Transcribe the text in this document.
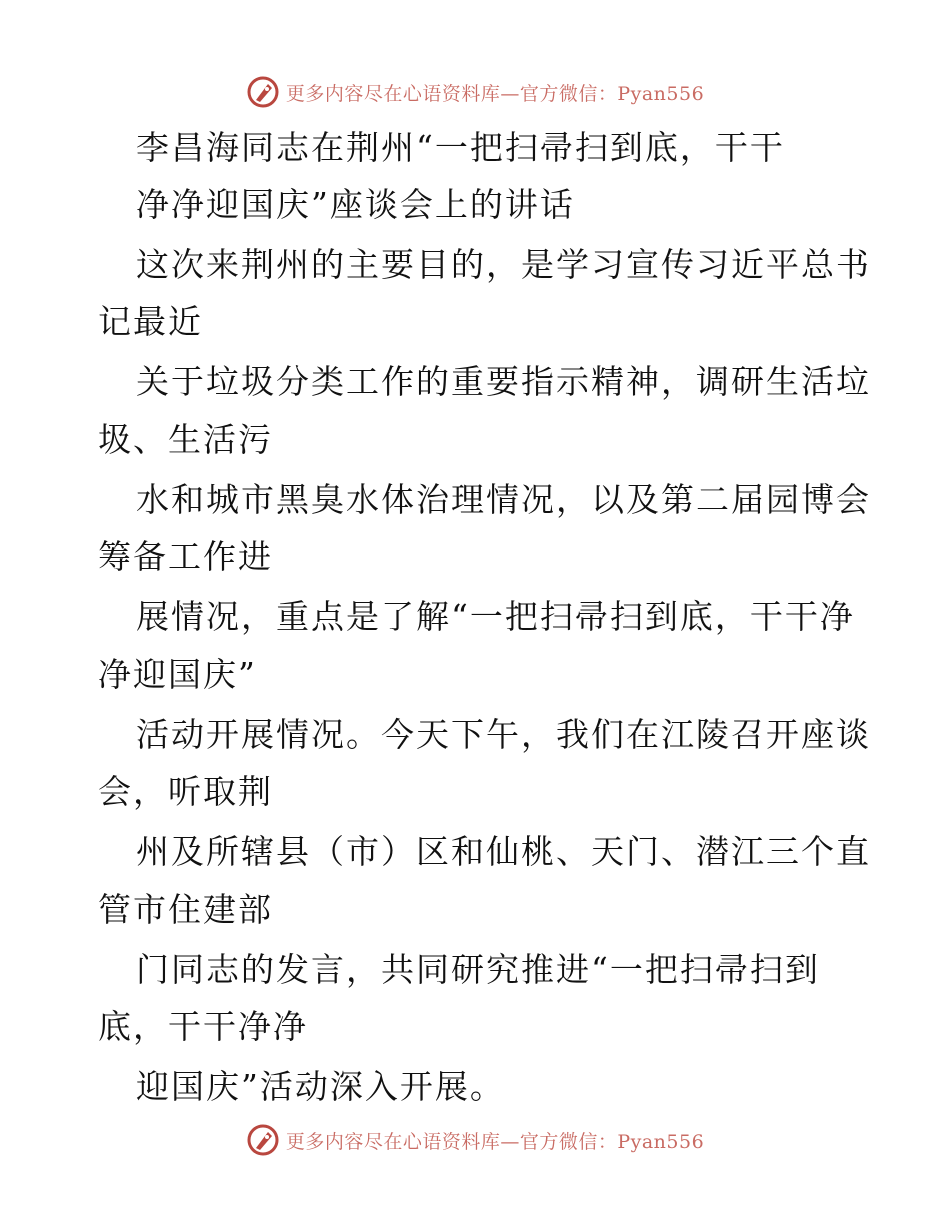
更多内容尽在心语资料库—官方微信：Pyan556
李昌海同志在荆州“一把扫帚扫到底，干干
净净迎国庆”座谈会上的讲话
这次来荆州的主要目的，是学习宣传习近平总书
记最近
关于垃圾分类工作的重要指示精神，调研生活垃
圾、生活污
水和城市黑臭水体治理情况，以及第二届园博会
筹备工作进
展情况，重点是了解“一把扫帚扫到底，干干净
净迎国庆”
活动开展情况。今天下午，我们在江陵召开座谈
会，听取荆
州及所辖县（市）区和仙桃、天门、潜江三个直
管市住建部
门同志的发言，共同研究推进“一把扫帚扫到
底，干干净净
迎国庆”活动深入开展。
更多内容尽在心语资料库—官方微信：Pyan556
